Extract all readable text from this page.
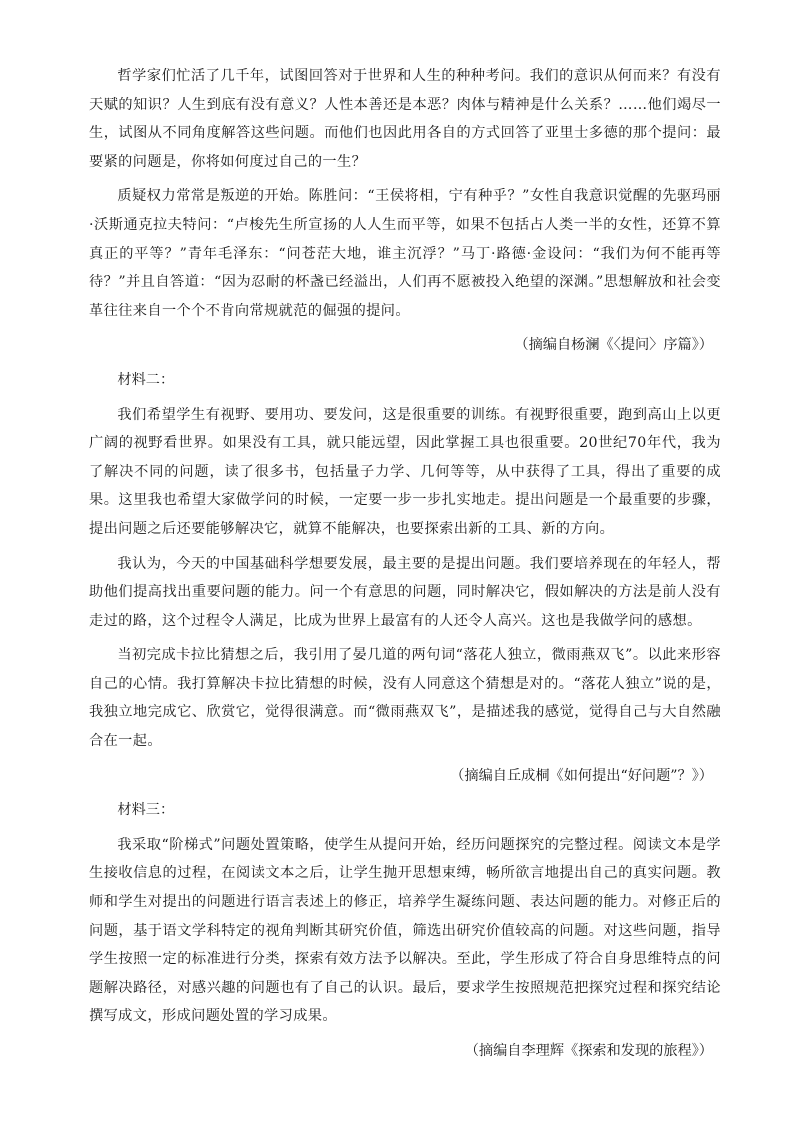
哲学家们忙活了几千年，试图回答对于世界和人生的种种考问。我们的意识从何而来？有没有天赋的知识？人生到底有没有意义？人性本善还是本恶？肉体与精神是什么关系？……他们竭尽一生，试图从不同角度解答这些问题。而他们也因此用各自的方式回答了亚里士多德的那个提问：最要紧的问题是，你将如何度过自己的一生？

质疑权力常常是叛逆的开始。陈胜问：“王侯将相，宁有种乎？”女性自我意识觉醒的先驱玛丽·沃斯通克拉夫特问：“卢梭先生所宣扬的人人生而平等，如果不包括占人类一半的女性，还算不算真正的平等？”青年毛泽东：“问苍茫大地，谁主沉浮？”马丁·路德·金设问：“我们为何不能再等待？”并且自答道：“因为忍耐的杯盏已经溢出，人们再不愿被投入绝望的深渊。”思想解放和社会变革往往来自一个个不肯向常规就范的倔强的提问。

（摘编自杨澜《〈提问〉序篇》）

材料二：

我们希望学生有视野、要用功、要发问，这是很重要的训练。有视野很重要，跑到高山上以更广阔的视野看世界。如果没有工具，就只能远望，因此掌握工具也很重要。20世纪70年代，我为了解决不同的问题，读了很多书，包括量子力学、几何等等，从中获得了工具，得出了重要的成果。这里我也希望大家做学问的时候，一定要一步一步扎实地走。提出问题是一个最重要的步骤，提出问题之后还要能够解决它，就算不能解决，也要探索出新的工具、新的方向。

我认为，今天的中国基础科学想要发展，最主要的是提出问题。我们要培养现在的年轻人，帮助他们提高找出重要问题的能力。问一个有意思的问题，同时解决它，假如解决的方法是前人没有走过的路，这个过程令人满足，比成为世界上最富有的人还令人高兴。这也是我做学问的感想。

当初完成卡拉比猜想之后，我引用了晏几道的两句词“落花人独立，微雨燕双飞”。以此来形容自己的心情。我打算解决卡拉比猜想的时候，没有人同意这个猜想是对的。“落花人独立”说的是，我独立地完成它、欣赏它，觉得很满意。而“微雨燕双飞”，是描述我的感觉，觉得自己与大自然融合在一起。

（摘编自丘成桐《如何提出“好问题”？》）

材料三：

我采取“阶梯式”问题处置策略，使学生从提问开始，经历问题探究的完整过程。阅读文本是学生接收信息的过程，在阅读文本之后，让学生抛开思想束缚，畅所欲言地提出自己的真实问题。教师和学生对提出的问题进行语言表述上的修正，培养学生凝练问题、表达问题的能力。对修正后的问题，基于语文学科特定的视角判断其研究价值，筛选出研究价值较高的问题。对这些问题，指导学生按照一定的标准进行分类，探索有效方法予以解决。至此，学生形成了符合自身思维特点的问题解决路径，对感兴趣的问题也有了自己的认识。最后，要求学生按照规范把探究过程和探究结论撰写成文，形成问题处置的学习成果。

（摘编自李理辉《探索和发现的旅程》）
